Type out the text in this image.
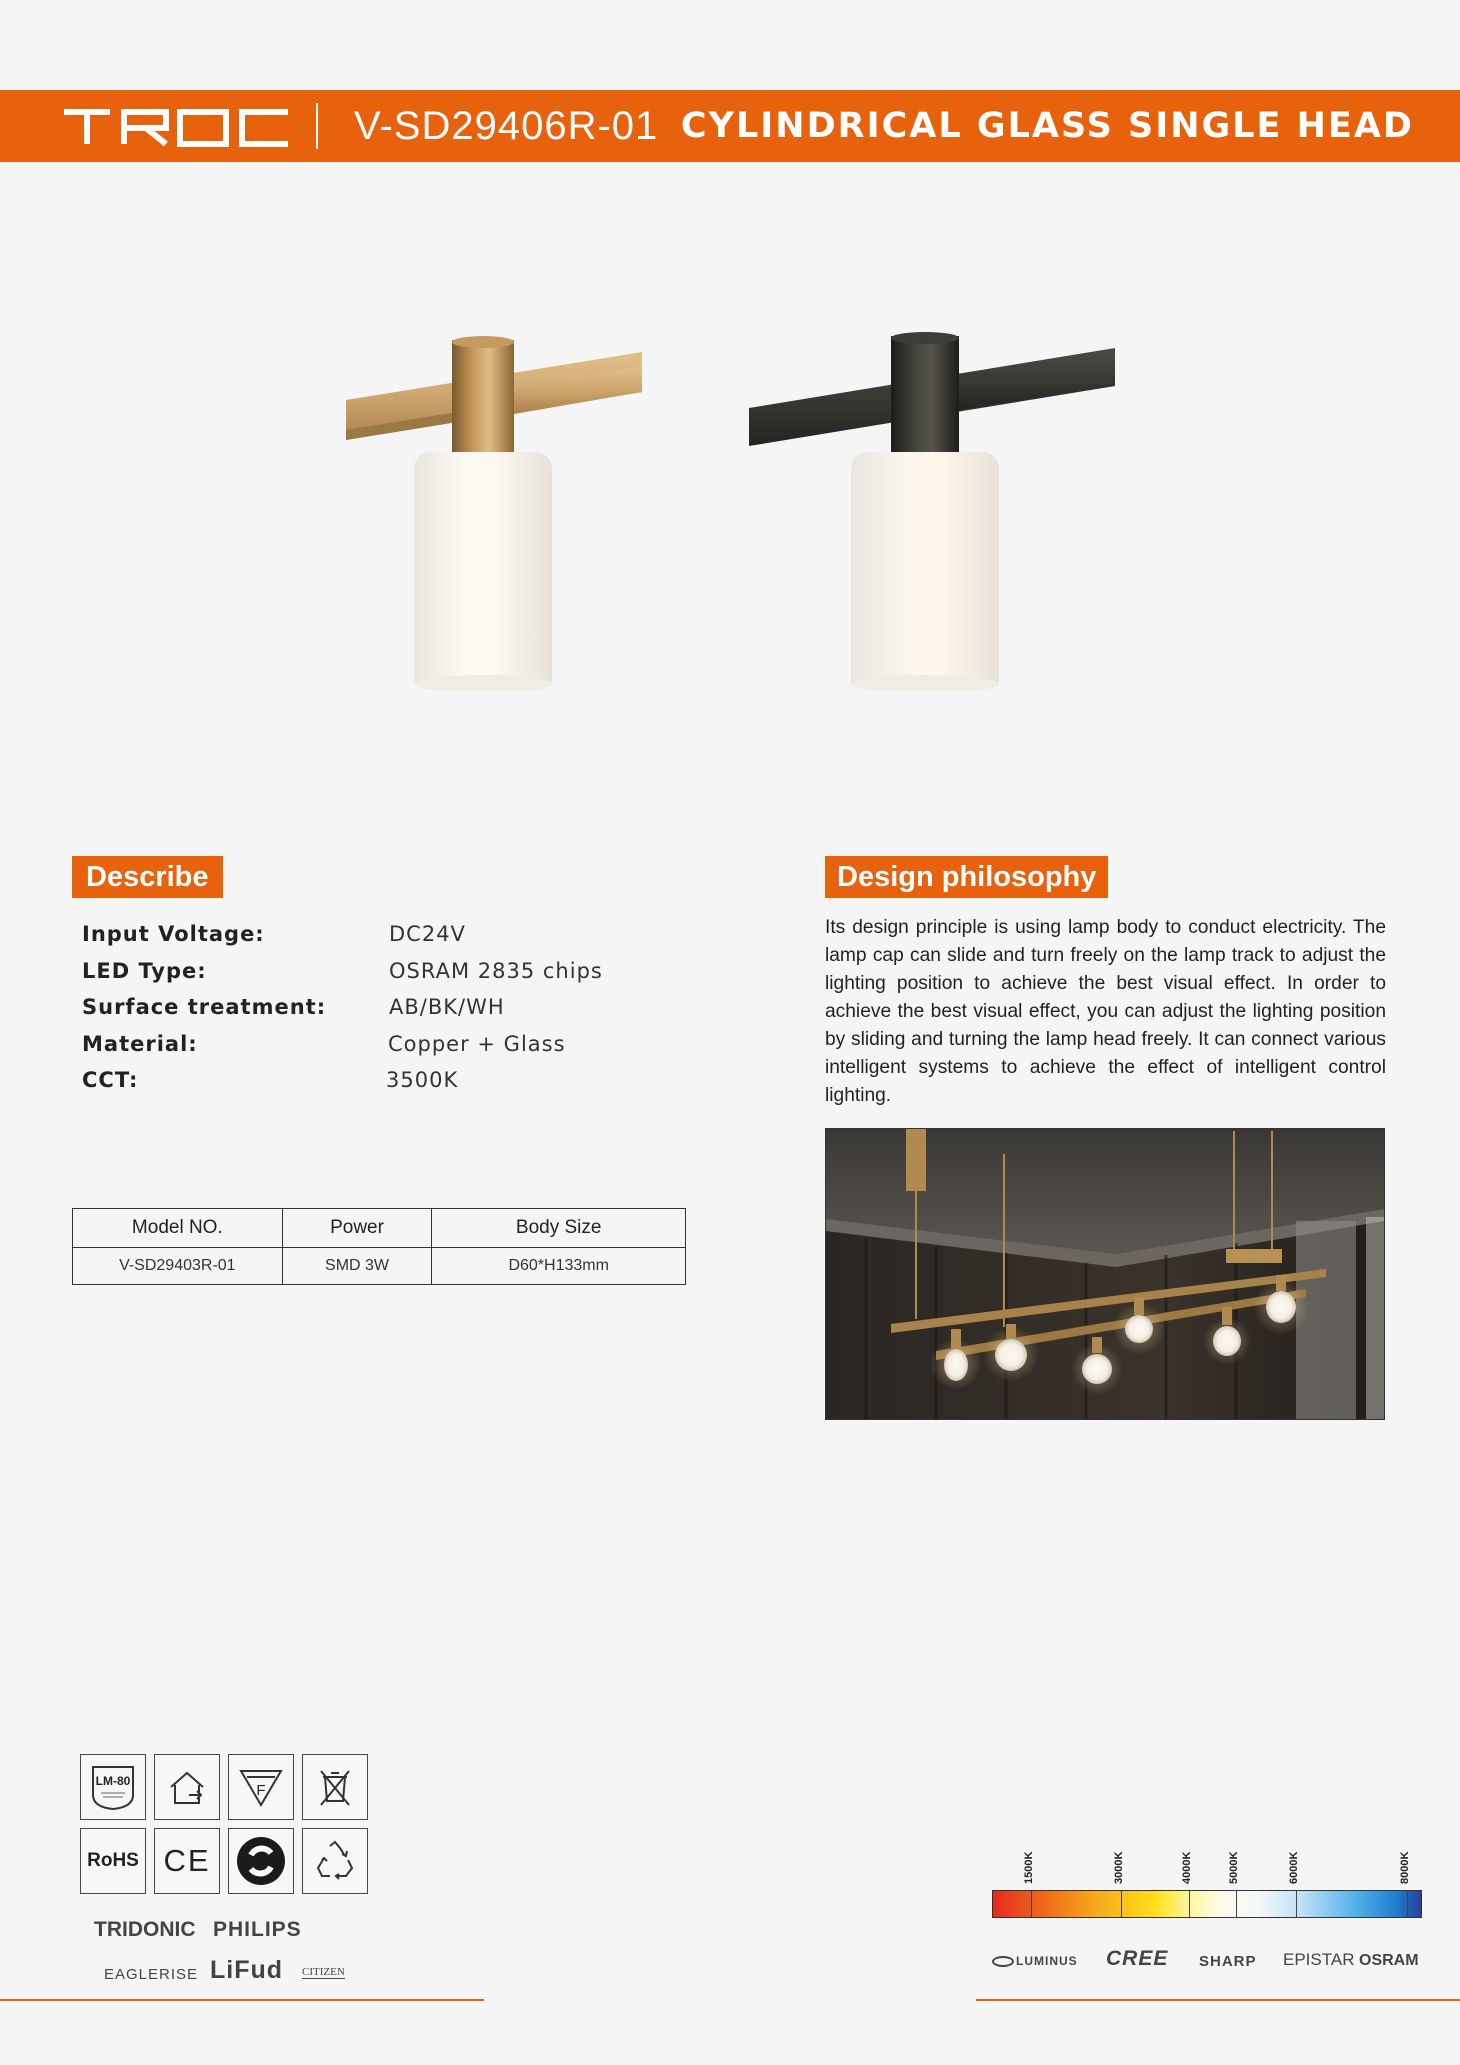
V-SD29406R-01 CYLINDRICAL GLASS SINGLE HEAD
Describe
Input Voltage:	DC24V
LED Type:	OSRAM 2835 chips
Surface treatment:	AB/BK/WH
Material:	Copper + Glass
CCT:	3500K
Model NO.	Power	Body Size
V-SD29403R-01	SMD 3W	D60*H133mm
Design philosophy
Its design principle is using lamp body to conduct electricity. The lamp cap can slide and turn freely on the lamp track to adjust the lighting position to achieve the best visual effect. In order to achieve the best visual effect, you can adjust the lighting position by sliding and turning the lamp head freely. It can connect various intelligent systems to achieve the effect of intelligent control lighting.
LM-80
F
RoHS CE
TRIDONIC PHILIPS
EAGLERISE LiFud CITIZEN
1500K	3000K	4000K	5000K	6000K	8000K
LUMINUS CREE SHARP EPISTAR OSRAM
